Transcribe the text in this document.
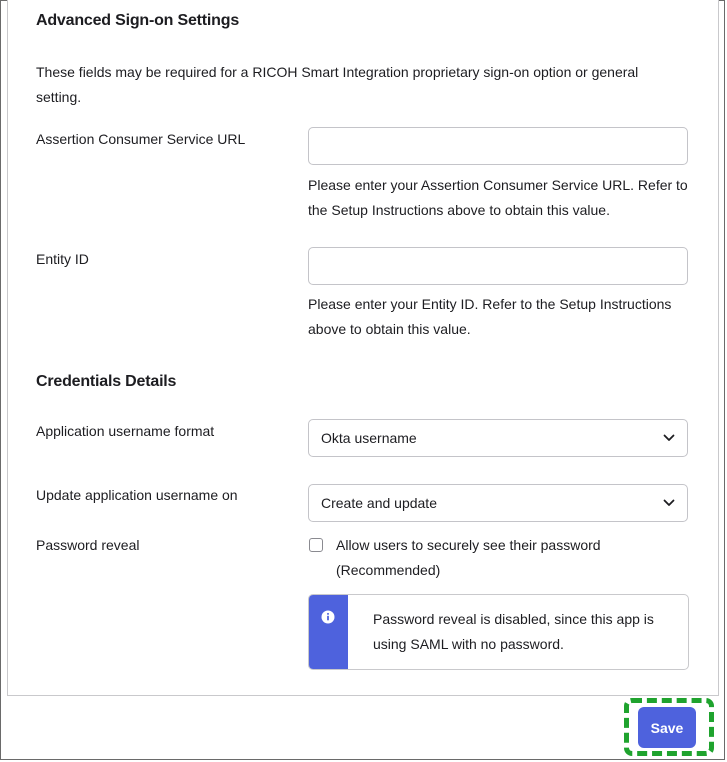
Advanced Sign-on Settings
These fields may be required for a RICOH Smart Integration proprietary sign-on option or general setting.
Assertion Consumer Service URL
Please enter your Assertion Consumer Service URL. Refer to the Setup Instructions above to obtain this value.
Entity ID
Please enter your Entity ID. Refer to the Setup Instructions above to obtain this value.
Credentials Details
Application username format	Okta username
Update application username on	Create and update
Password reveal	Allow users to securely see their password (Recommended)
Password reveal is disabled, since this app is using SAML with no password.
Save
